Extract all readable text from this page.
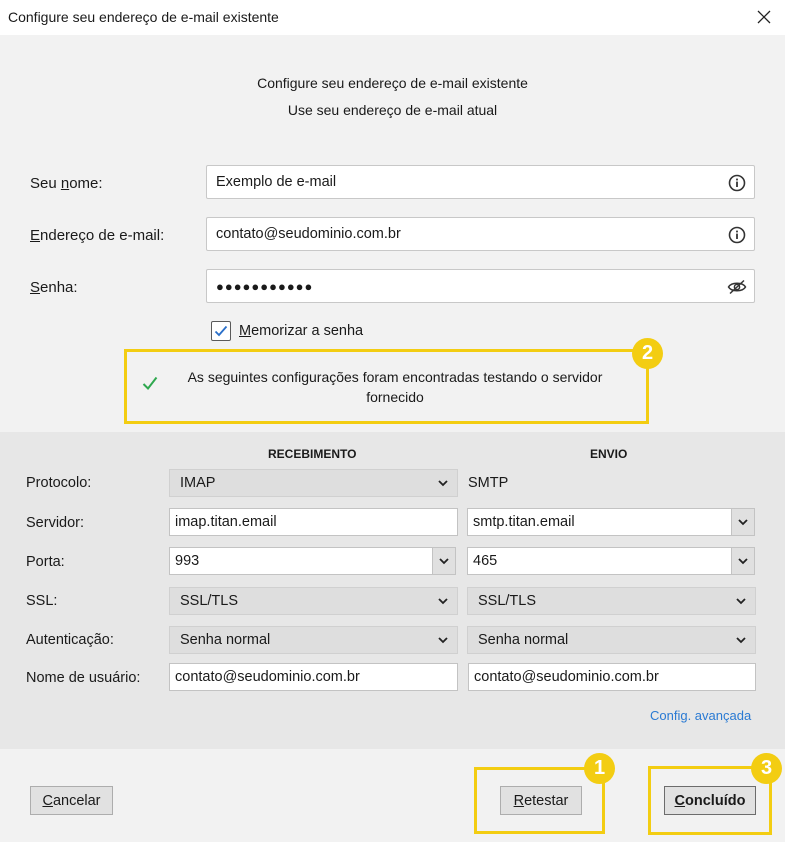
Configure seu endereço de e-mail existente
Configure seu endereço de e-mail existente
Use seu endereço de e-mail atual
Seu nome:	Exemplo de e-mail
Endereço de e-mail:	contato@seudominio.com.br
Senha:	●●●●●●●●●●●
Memorizar a senha
As seguintes configurações foram encontradas testando o servidor fornecido
2
RECEBIMENTO	ENVIO
Protocolo:	IMAP	SMTP
Servidor:	imap.titan.email	smtp.titan.email
Porta:	993	465
SSL:	SSL/TLS	SSL/TLS
Autenticação:	Senha normal	Senha normal
Nome de usuário: contato@seudominio.com.br	contato@seudominio.com.br
Config. avançada
C ancelar	R etestar
1
C oncluído
3
